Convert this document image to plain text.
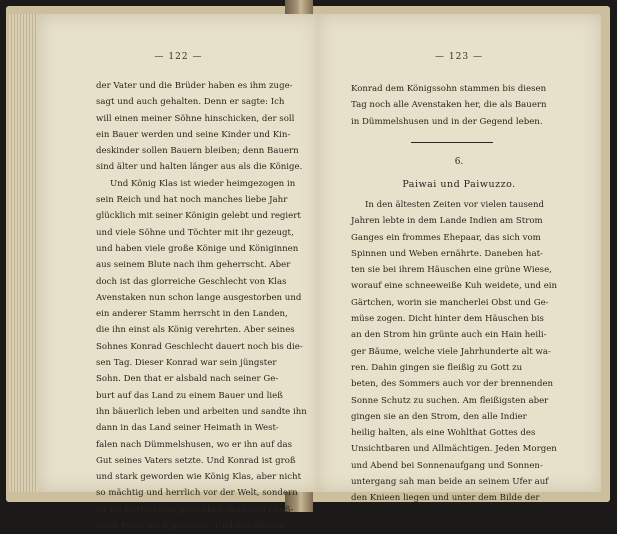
— 122 —
der Vater und die Brüder haben es ihm zuge-
sagt und auch gehalten. Denn er sagte: Ich
will einen meiner Söhne hinschicken, der soll
ein Bauer werden und seine Kinder und Kin-
deskinder sollen Bauern bleiben; denn Bauern
sind älter und halten länger aus als die Könige.
Und König Klas ist wieder heimgezogen in
sein Reich und hat noch manches liebe Jahr
glücklich mit seiner Königin gelebt und regiert
und viele Söhne und Töchter mit ihr gezeugt,
und haben viele große Könige und Königinnen
aus seinem Blute nach ihm geherrscht. Aber
doch ist das glorreiche Geschlecht von Klas
Avenstaken nun schon lange ausgestorben und
ein anderer Stamm herrscht in den Landen,
die ihn einst als König verehrten. Aber seines
Sohnes Konrad Geschlecht dauert noch bis die-
sen Tag. Dieser Konrad war sein jüngster
Sohn. Den that er alsbald nach seiner Ge-
burt auf das Land zu einem Bauer und ließ
ihn bäuerlich leben und arbeiten und sandte ihn
dann in das Land seiner Heimath in West-
falen nach Dümmelshusen, wo er ihn auf das
Gut seines Vaters setzte. Und Konrad ist groß
und stark geworden wie König Klas, aber nicht
so mächtig und herrlich vor der Welt, sondern
ist als Dorfschulze gestorben, was sein Groß-
vater Peter auch gewesen. Und von diesem
— 123 —
Konrad dem Königssohn stammen bis diesen
Tag noch alle Avenstaken her, die als Bauern
in Dümmelshusen und in der Gegend leben.
6.
Paiwai und Paiwuzzo.
In den ältesten Zeiten vor vielen tausend
Jahren lebte in dem Lande Indien am Strom
Ganges ein frommes Ehepaar, das sich vom
Spinnen und Weben ernährte. Daneben hat-
ten sie bei ihrem Häuschen eine grüne Wiese,
worauf eine schneeweiße Kuh weidete, und ein
Gärtchen, worin sie mancherlei Obst und Ge-
müse zogen. Dicht hinter dem Häuschen bis
an den Strom hin grünte auch ein Hain heili-
ger Bäume, welche viele Jahrhunderte alt wa-
ren. Dahin gingen sie fleißig zu Gott zu
beten, des Sommers auch vor der brennenden
Sonne Schutz zu suchen. Am fleißigsten aber
gingen sie an den Strom, den alle Indier
heilig halten, als eine Wohlthat Gottes des
Unsichtbaren und Allmächtigen. Jeden Morgen
und Abend bei Sonnenaufgang und Sonnen-
untergang sah man beide an seinem Ufer auf
den Knieen liegen und unter dem Bilde der
